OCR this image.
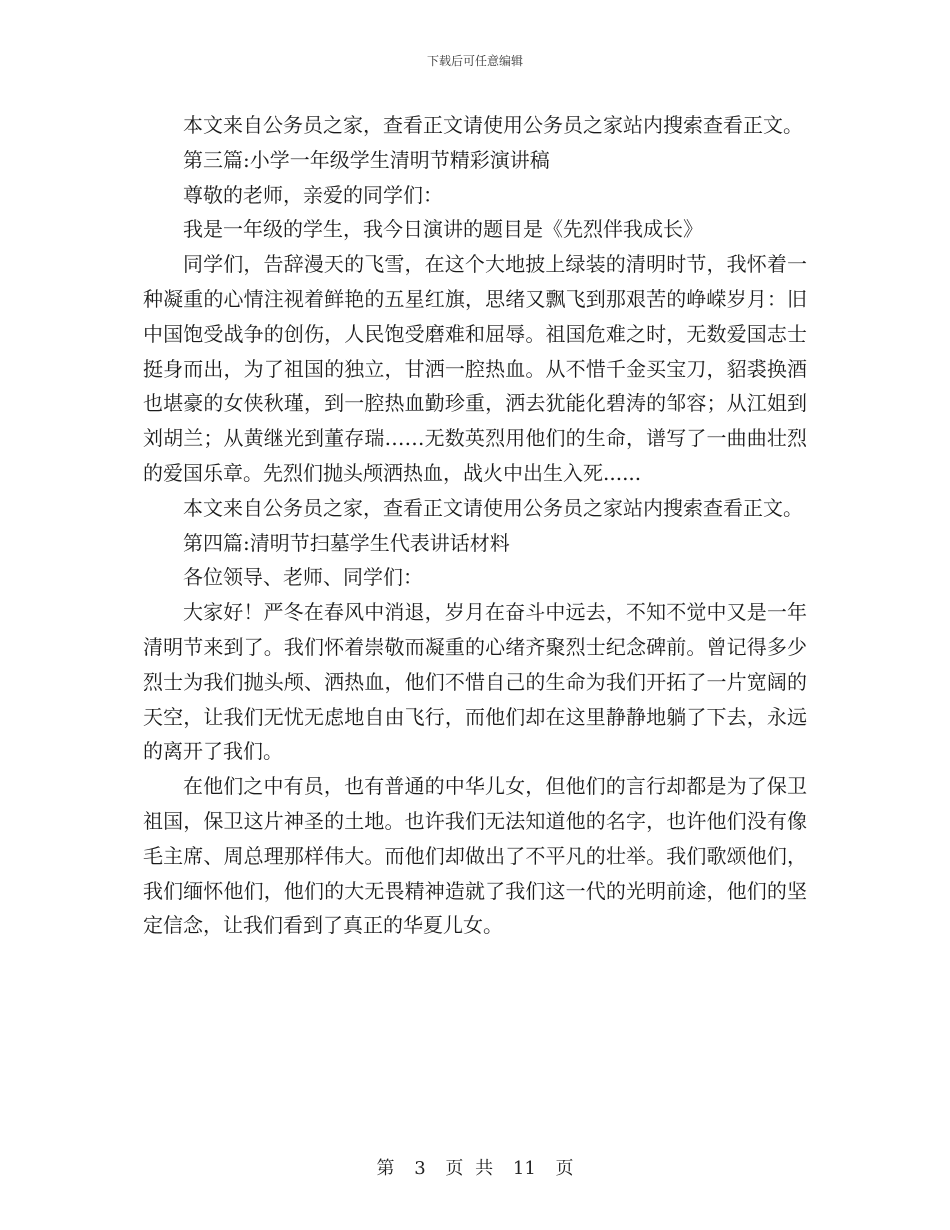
下载后可任意编辑

本文来自公务员之家，查看正文请使用公务员之家站内搜索查看正文。

第三篇:小学一年级学生清明节精彩演讲稿

尊敬的老师，亲爱的同学们：

我是一年级的学生，我今日演讲的题目是《先烈伴我成长》

同学们，告辞漫天的飞雪，在这个大地披上绿装的清明时节，我怀着一种凝重的心情注视着鲜艳的五星红旗，思绪又飘飞到那艰苦的峥嵘岁月：旧中国饱受战争的创伤，人民饱受磨难和屈辱。祖国危难之时，无数爱国志士挺身而出，为了祖国的独立，甘洒一腔热血。从不惜千金买宝刀，貂裘换酒也堪豪的女侠秋瑾，到一腔热血勤珍重，洒去犹能化碧涛的邹容；从江姐到刘胡兰；从黄继光到董存瑞……无数英烈用他们的生命，谱写了一曲曲壮烈的爱国乐章。先烈们抛头颅洒热血，战火中出生入死......

本文来自公务员之家，查看正文请使用公务员之家站内搜索查看正文。

第四篇:清明节扫墓学生代表讲话材料

各位领导、老师、同学们：

大家好！严冬在春风中消退，岁月在奋斗中远去，不知不觉中又是一年清明节来到了。我们怀着崇敬而凝重的心绪齐聚烈士纪念碑前。曾记得多少烈士为我们抛头颅、洒热血，他们不惜自己的生命为我们开拓了一片宽阔的天空，让我们无忧无虑地自由飞行，而他们却在这里静静地躺了下去，永远的离开了我们。

在他们之中有员，也有普通的中华儿女，但他们的言行却都是为了保卫祖国，保卫这片神圣的土地。也许我们无法知道他的名字，也许他们没有像毛主席、周总理那样伟大。而他们却做出了不平凡的壮举。我们歌颂他们，我们缅怀他们，他们的大无畏精神造就了我们这一代的光明前途，他们的坚定信念，让我们看到了真正的华夏儿女。

第 3 页 共 11 页
